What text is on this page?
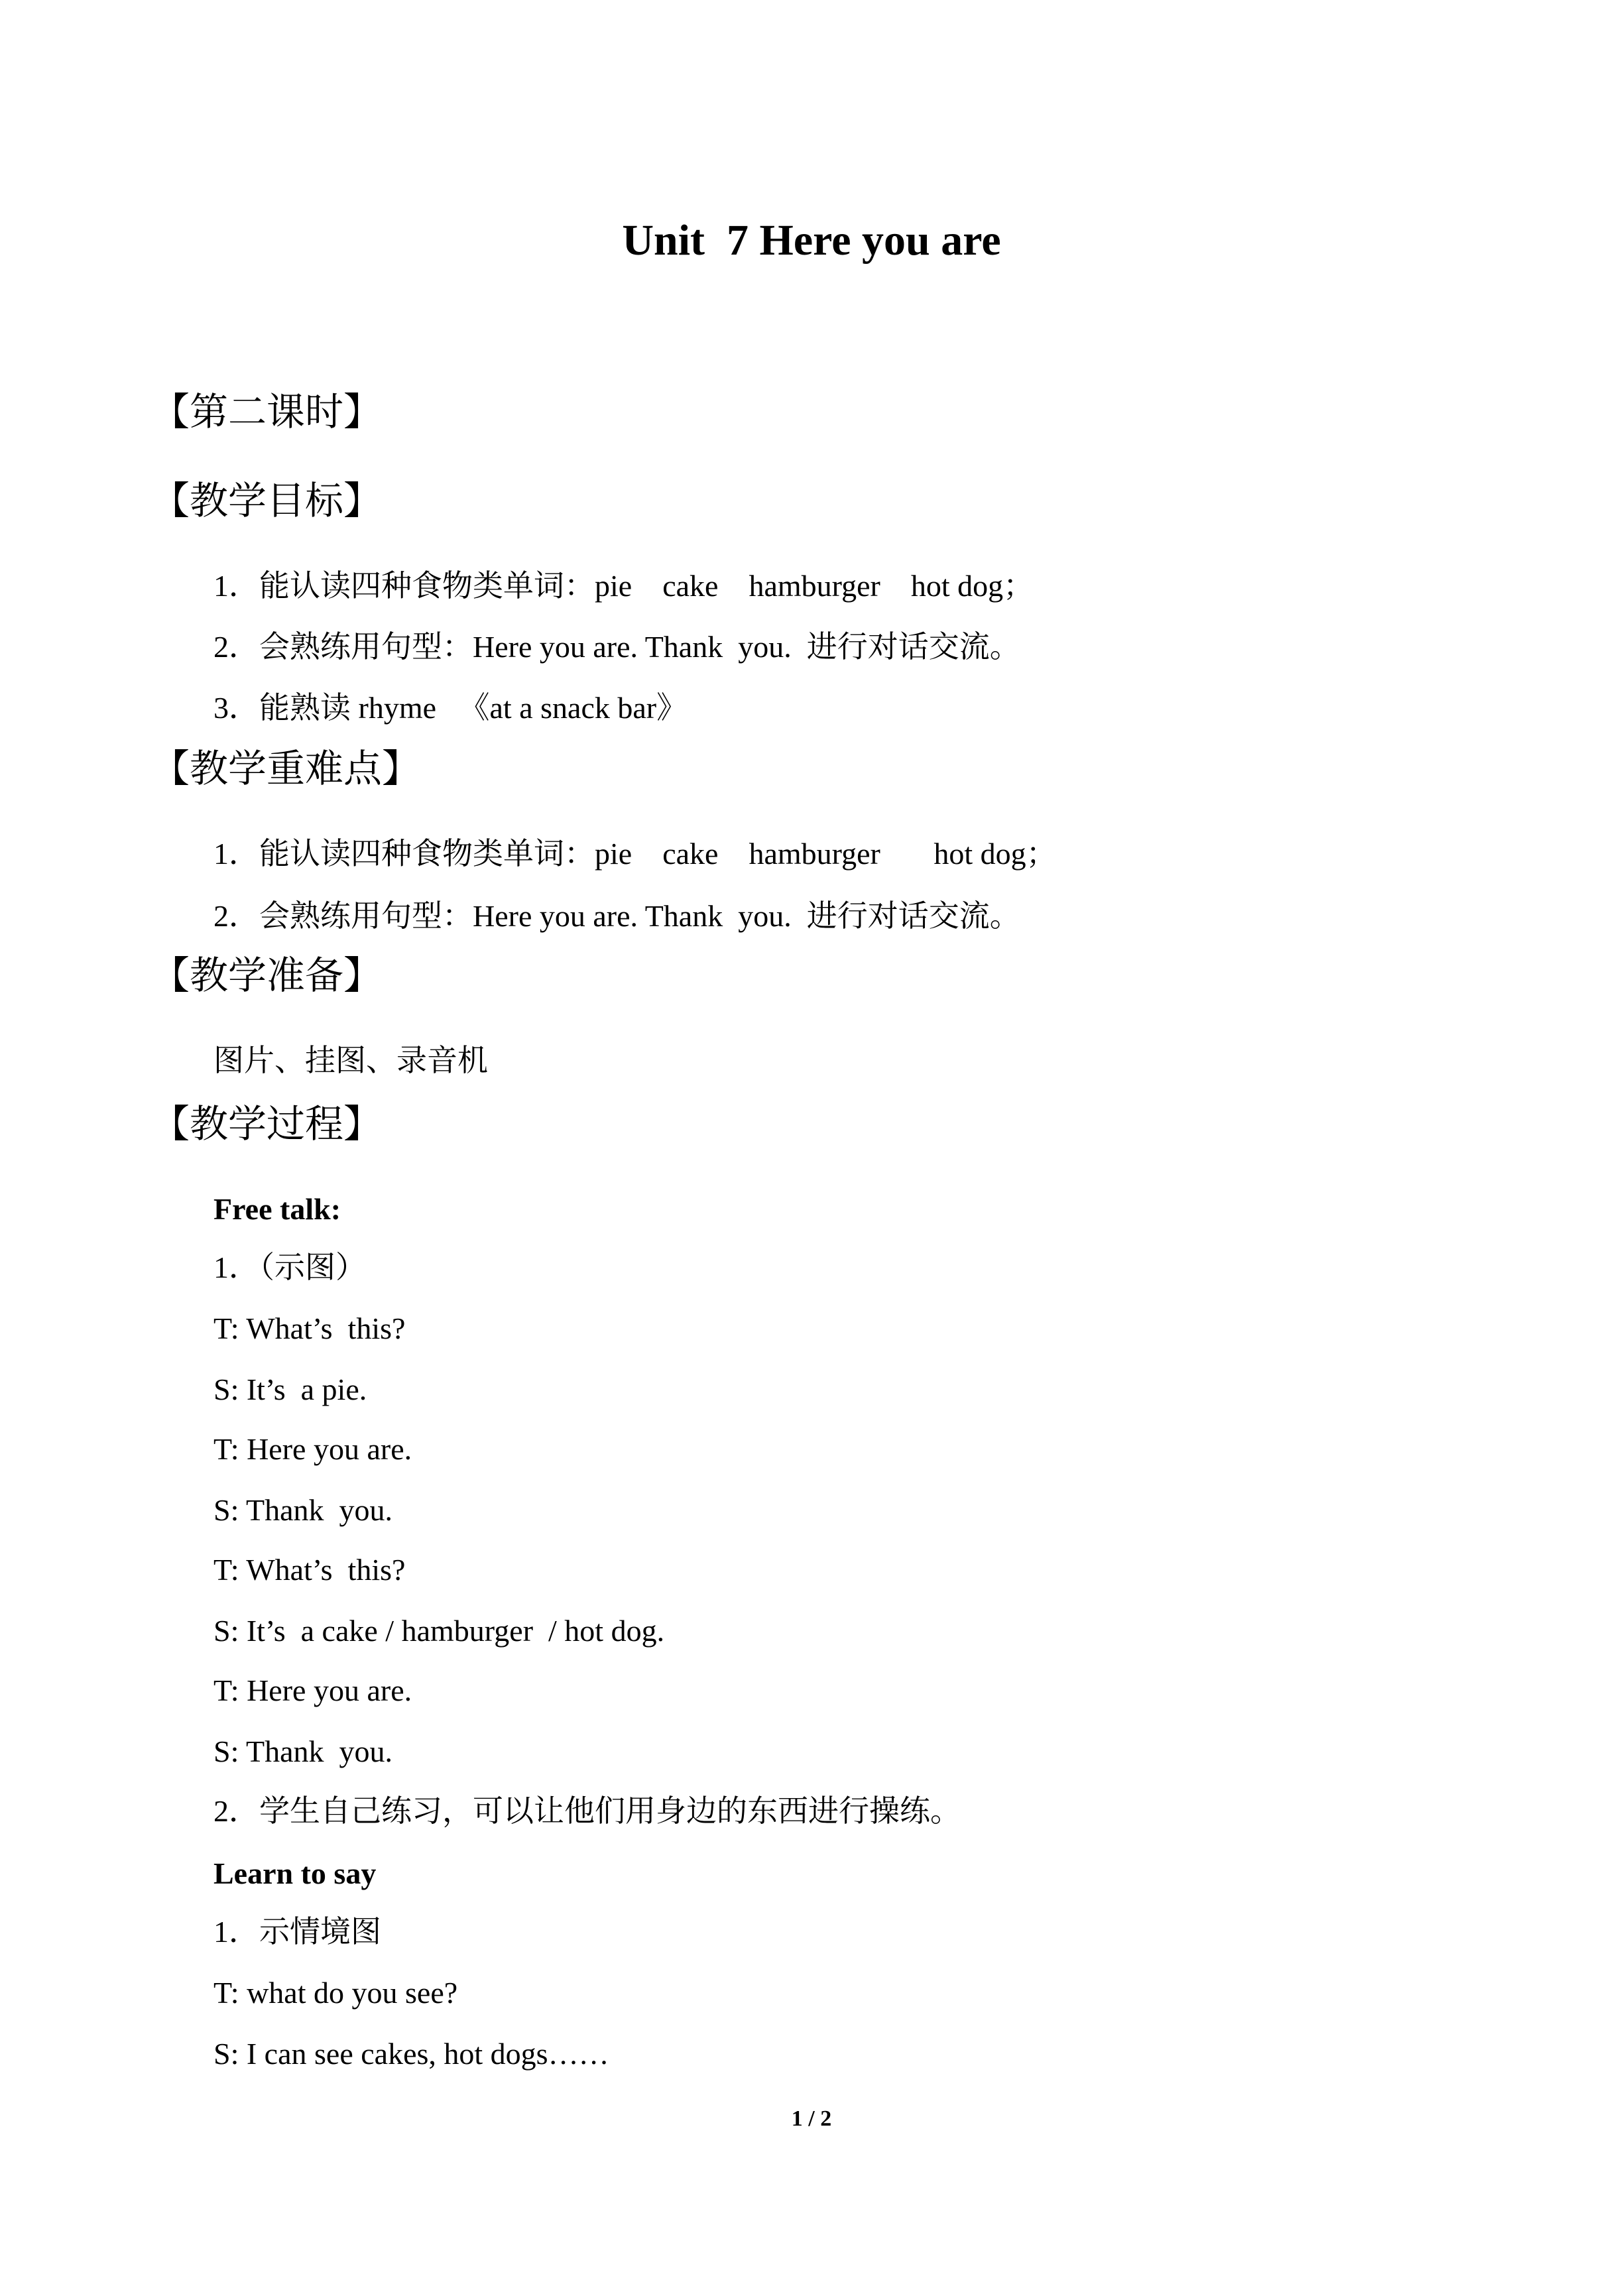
Unit  7 Here you are
【第二课时】
【教学目标】
1．能认读四种食物类单词：pie    cake    hamburger    hot dog；
2．会熟练用句型：Here you are. Thank  you.  进行对话交流。
3．能熟读 rhyme   《at a snack bar》
【教学重难点】
1．能认读四种食物类单词：pie    cake    hamburger       hot dog；
2．会熟练用句型：Here you are. Thank  you.  进行对话交流。
【教学准备】
图片、挂图、录音机
【教学过程】
Free talk:
1．（示图）
T: What’s  this?
S: It’s  a pie.
T: Here you are.
S: Thank  you.
T: What’s  this?
S: It’s  a cake / hamburger  / hot dog.
T: Here you are.
S: Thank  you.
2．学生自己练习，可以让他们用身边的东西进行操练。
Learn to say
1．示情境图
T: what do you see?
S: I can see cakes, hot dogs……
1 / 2
